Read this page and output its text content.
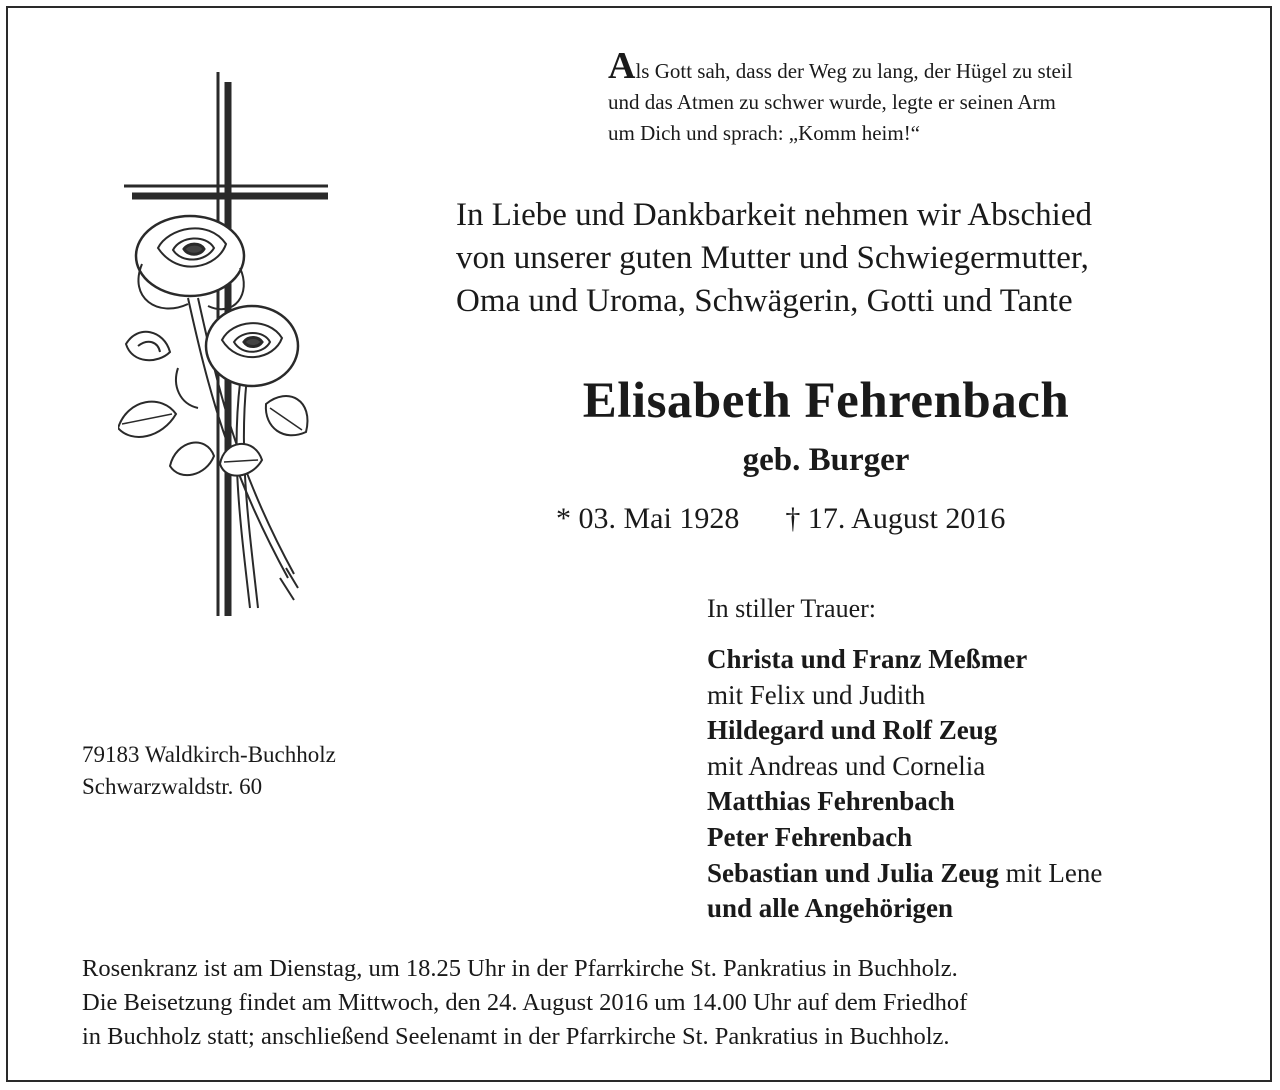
Als Gott sah, dass der Weg zu lang, der Hügel zu steil
und das Atmen zu schwer wurde, legte er seinen Arm
um Dich und sprach: „Komm heim!“
In Liebe und Dankbarkeit nehmen wir Abschied
von unserer guten Mutter und Schwiegermutter,
Oma und Uroma, Schwägerin, Gotti und Tante
Elisabeth Fehrenbach
geb. Burger
* 03. Mai 1928 † 17. August 2016
In stiller Trauer:
Christa und Franz Meßmer
mit Felix und Judith
Hildegard und Rolf Zeug
mit Andreas und Cornelia
Matthias Fehrenbach
Peter Fehrenbach
Sebastian und Julia Zeug mit Lene
und alle Angehörigen
79183 Waldkirch-Buchholz
Schwarzwaldstr. 60
Rosenkranz ist am Dienstag, um 18.25 Uhr in der Pfarrkirche St. Pankratius in Buchholz.
Die Beisetzung findet am Mittwoch, den 24. August 2016 um 14.00 Uhr auf dem Friedhof
in Buchholz statt; anschließend Seelenamt in der Pfarrkirche St. Pankratius in Buchholz.
